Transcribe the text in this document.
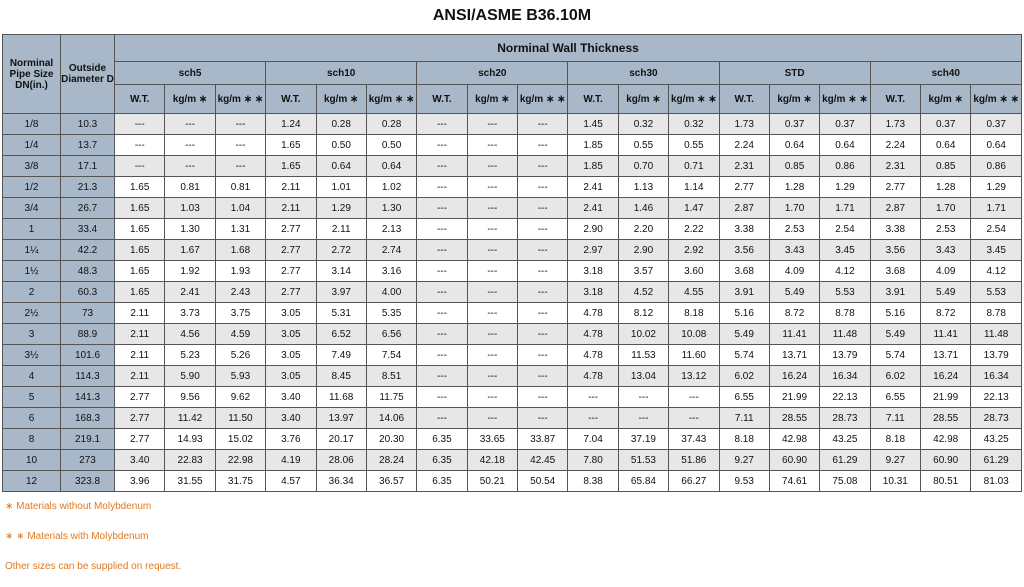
ANSI/ASME B36.10M
Norminal Pipe Size DN(in.)	Outside Diameter D	Norminal Wall Thickness																	
		sch5			sch10			sch20			sch30			STD			sch40		
		W.T.	kg/m ∗	kg/m ∗ ∗	W.T.	kg/m ∗	kg/m ∗ ∗	W.T.	kg/m ∗	kg/m ∗ ∗	W.T.	kg/m ∗	kg/m ∗ ∗	W.T.	kg/m ∗	kg/m ∗ ∗	W.T.	kg/m ∗	kg/m ∗ ∗
1/8	10.3	---	---	---	1.24	0.28	0.28	---	---	---	1.45	0.32	0.32	1.73	0.37	0.37	1.73	0.37	0.37
1/4	13.7	---	---	---	1.65	0.50	0.50	---	---	---	1.85	0.55	0.55	2.24	0.64	0.64	2.24	0.64	0.64
3/8	17.1	---	---	---	1.65	0.64	0.64	---	---	---	1.85	0.70	0.71	2.31	0.85	0.86	2.31	0.85	0.86
1/2	21.3	1.65	0.81	0.81	2.11	1.01	1.02	---	---	---	2.41	1.13	1.14	2.77	1.28	1.29	2.77	1.28	1.29
3/4	26.7	1.65	1.03	1.04	2.11	1.29	1.30	---	---	---	2.41	1.46	1.47	2.87	1.70	1.71	2.87	1.70	1.71
1	33.4	1.65	1.30	1.31	2.77	2.11	2.13	---	---	---	2.90	2.20	2.22	3.38	2.53	2.54	3.38	2.53	2.54
1¼	42.2	1.65	1.67	1.68	2.77	2.72	2.74	---	---	---	2.97	2.90	2.92	3.56	3.43	3.45	3.56	3.43	3.45
1½	48.3	1.65	1.92	1.93	2.77	3.14	3.16	---	---	---	3.18	3.57	3.60	3.68	4.09	4.12	3.68	4.09	4.12
2	60.3	1.65	2.41	2.43	2.77	3.97	4.00	---	---	---	3.18	4.52	4.55	3.91	5.49	5.53	3.91	5.49	5.53
2½	73	2.11	3.73	3.75	3.05	5.31	5.35	---	---	---	4.78	8.12	8.18	5.16	8.72	8.78	5.16	8.72	8.78
3	88.9	2.11	4.56	4.59	3.05	6.52	6.56	---	---	---	4.78	10.02	10.08	5.49	11.41	11.48	5.49	11.41	11.48
3½	101.6	2.11	5.23	5.26	3.05	7.49	7.54	---	---	---	4.78	11.53	11.60	5.74	13.71	13.79	5.74	13.71	13.79
4	114.3	2.11	5.90	5.93	3.05	8.45	8.51	---	---	---	4.78	13.04	13.12	6.02	16.24	16.34	6.02	16.24	16.34
5	141.3	2.77	9.56	9.62	3.40	11.68	11.75	---	---	---	---	---	---	6.55	21.99	22.13	6.55	21.99	22.13
6	168.3	2.77	11.42	11.50	3.40	13.97	14.06	---	---	---	---	---	---	7.11	28.55	28.73	7.11	28.55	28.73
8	219.1	2.77	14.93	15.02	3.76	20.17	20.30	6.35	33.65	33.87	7.04	37.19	37.43	8.18	42.98	43.25	8.18	42.98	43.25
10	273	3.40	22.83	22.98	4.19	28.06	28.24	6.35	42.18	42.45	7.80	51.53	51.86	9.27	60.90	61.29	9.27	60.90	61.29
12	323.8	3.96	31.55	31.75	4.57	36.34	36.57	6.35	50.21	50.54	8.38	65.84	66.27	9.53	74.61	75.08	10.31	80.51	81.03
∗ Materials without Molybdenum
∗ ∗ Materials with Molybdenum
Other sizes can be supplied on request.
